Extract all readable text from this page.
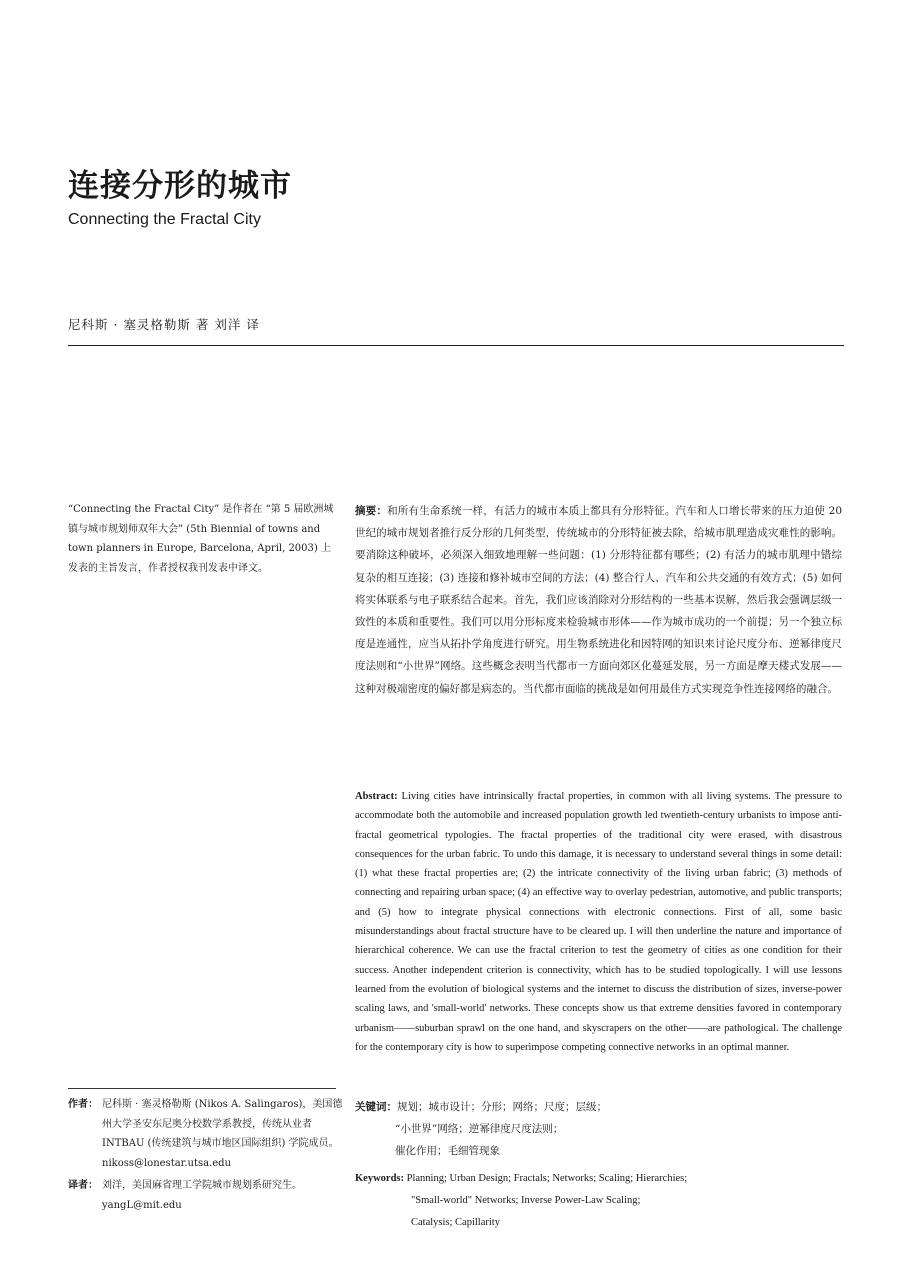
连接分形的城市
Connecting the Fractal City
尼科斯 · 塞灵格勒斯 著 刘洋 译
“Connecting the Fractal City” 是作者在 “第 5 届欧洲城镇与城市规划师双年大会” (5th Biennial of towns and town planners in Europe, Barcelona, April, 2003) 上发表的主旨发言，作者授权我刊发表中译文。
摘要：和所有生命系统一样，有活力的城市本质上都具有分形特征。汽车和人口增长带来的压力迫使 20 世纪的城市规划者推行反分形的几何类型，传统城市的分形特征被去除，给城市肌理造成灾难性的影响。要消除这种破坏，必须深入细致地理解一些问题：(1) 分形特征都有哪些；(2) 有活力的城市肌理中错综复杂的相互连接；(3) 连接和修补城市空间的方法；(4) 整合行人、汽车和公共交通的有效方式；(5) 如何将实体联系与电子联系结合起来。首先，我们应该消除对分形结构的一些基本误解，然后我会强调层级一致性的本质和重要性。我们可以用分形标度来检验城市形体——作为城市成功的一个前提；另一个独立标度是连通性，应当从拓扑学角度进行研究。用生物系统进化和因特网的知识来讨论尺度分布、逆幂律度尺度法则和“小世界”网络。这些概念表明当代都市一方面向郊区化蔓延发展，另一方面是摩天楼式发展——这种对极端密度的偏好都是病态的。当代都市面临的挑战是如何用最佳方式实现竞争性连接网络的融合。
Abstract: Living cities have intrinsically fractal properties, in common with all living systems. The pressure to accommodate both the automobile and increased population growth led twentieth-century urbanists to impose anti-fractal geometrical typologies. The fractal properties of the traditional city were erased, with disastrous consequences for the urban fabric. To undo this damage, it is necessary to understand several things in some detail: (1) what these fractal properties are; (2) the intricate connectivity of the living urban fabric; (3) methods of connecting and repairing urban space; (4) an effective way to overlay pedestrian, automotive, and public transports; and (5) how to integrate physical connections with electronic connections. First of all, some basic misunderstandings about fractal structure have to be cleared up. I will then underline the nature and importance of hierarchical coherence. We can use the fractal criterion to test the geometry of cities as one condition for their success. Another independent criterion is connectivity, which has to be studied topologically. I will use lessons learned from the evolution of biological systems and the internet to discuss the distribution of sizes, inverse-power scaling laws, and 'small-world' networks. These concepts show us that extreme densities favored in contemporary urbanism——suburban sprawl on the one hand, and skyscrapers on the other——are pathological. The challenge for the contemporary city is how to superimpose competing connective networks in an optimal manner.
作者： 尼科斯 · 塞灵格勒斯 (Nikos A. Salingaros)，美国德州大学圣安东尼奥分校数学系教授，传统从业者 INTBAU (传统建筑与城市地区国际组织) 学院成员。
nikoss@lonestar.utsa.edu
译者： 刘洋，美国麻省理工学院城市规划系研究生。
yangL@mit.edu
关键词：规划；城市设计；分形；网络；尺度；层级；
“小世界”网络；逆幂律度尺度法则；
催化作用；毛细管现象
Keywords: Planning; Urban Design; Fractals; Networks; Scaling; Hierarchies;
"Small-world" Networks; Inverse Power-Law Scaling;
Catalysis; Capillarity
